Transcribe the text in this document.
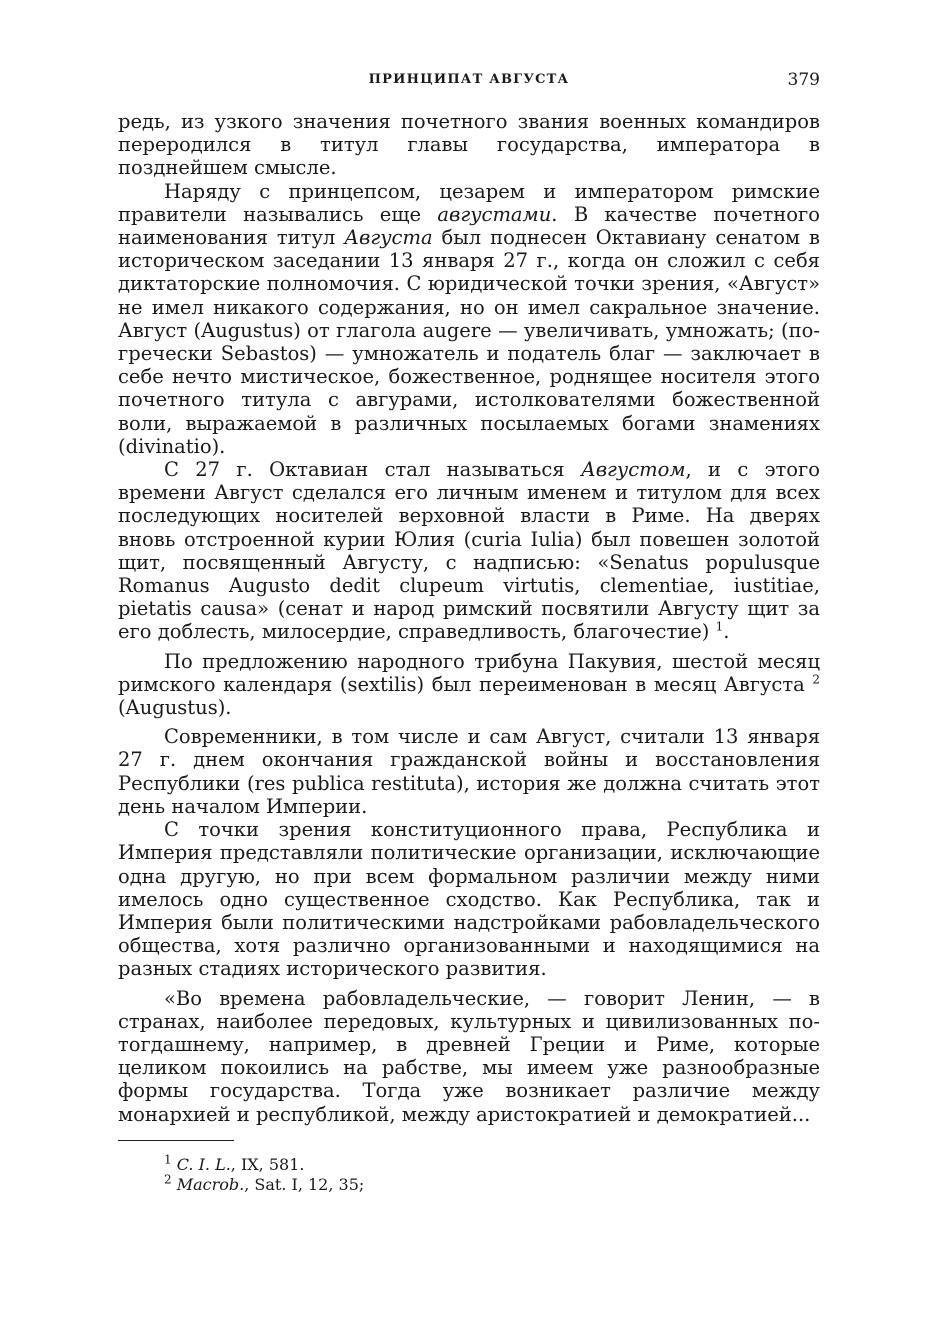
ПРИНЦИПАТ АВГУСТА	379

редь, из узкого значения почетного звания военных командиров переродился в титул главы государства, императора в позднейшем смысле.

Наряду с принцепсом, цезарем и императором римские правители назывались еще августами. В качестве почетного наименования титул Августа был поднесен Октавиану сенатом в историческом заседании 13 января 27 г., когда он сложил с себя диктаторские полномочия. С юридической точки зрения, «Август» не имел никакого содержания, но он имел сакральное значение. Август (Augustus) от глагола augere — увеличивать, умножать; (по-гречески Sebastos) — умножатель и податель благ — заключает в себе нечто мистическое, божественное, роднящее носителя этого почетного титула с авгурами, истолкователями божественной воли, выражаемой в различных посылаемых богами знамениях (divinatio).

С 27 г. Октавиан стал называться Августом, и с этого времени Август сделался его личным именем и титулом для всех последующих носителей верховной власти в Риме. На дверях вновь отстроенной курии Юлия (curia Iulia) был повешен золотой щит, посвященный Августу, с надписью: «Senatus populusque Romanus Augusto dedit clupeum virtutis, clementiae, iustitiae, pietatis causa» (сенат и народ римский посвятили Августу щит за его доблесть, милосердие, справедливость, благочестие) $^1$.

По предложению народного трибуна Пакувия, шестой месяц римского календаря (sextilis) был переименован в месяц Августа $^2$ (Augustus).

Современники, в том числе и сам Август, считали 13 января 27 г. днем окончания гражданской войны и восстановления Республики (res publica restituta), история же должна считать этот день началом Империи.

С точки зрения конституционного права, Республика и Империя представляли политические организации, исключающие одна другую, но при всем формальном различии между ними имелось одно существенное сходство. Как Республика, так и Империя были политическими надстройками рабовладельческого общества, хотя различно организованными и находящимися на разных стадиях исторического развития.

«Во времена рабовладельческие, — говорит Ленин, — в странах, наиболее передовых, культурных и цивилизованных по-тогдашнему, например, в древней Греции и Риме, которые целиком покоились на рабстве, мы имеем уже разнообразные формы государства. Тогда уже возникает различие между монархией и республикой, между аристократией и демократией...

$^1$ C. I. L., IX, 581.
$^2$ Macrob., Sat. I, 12, 35;
